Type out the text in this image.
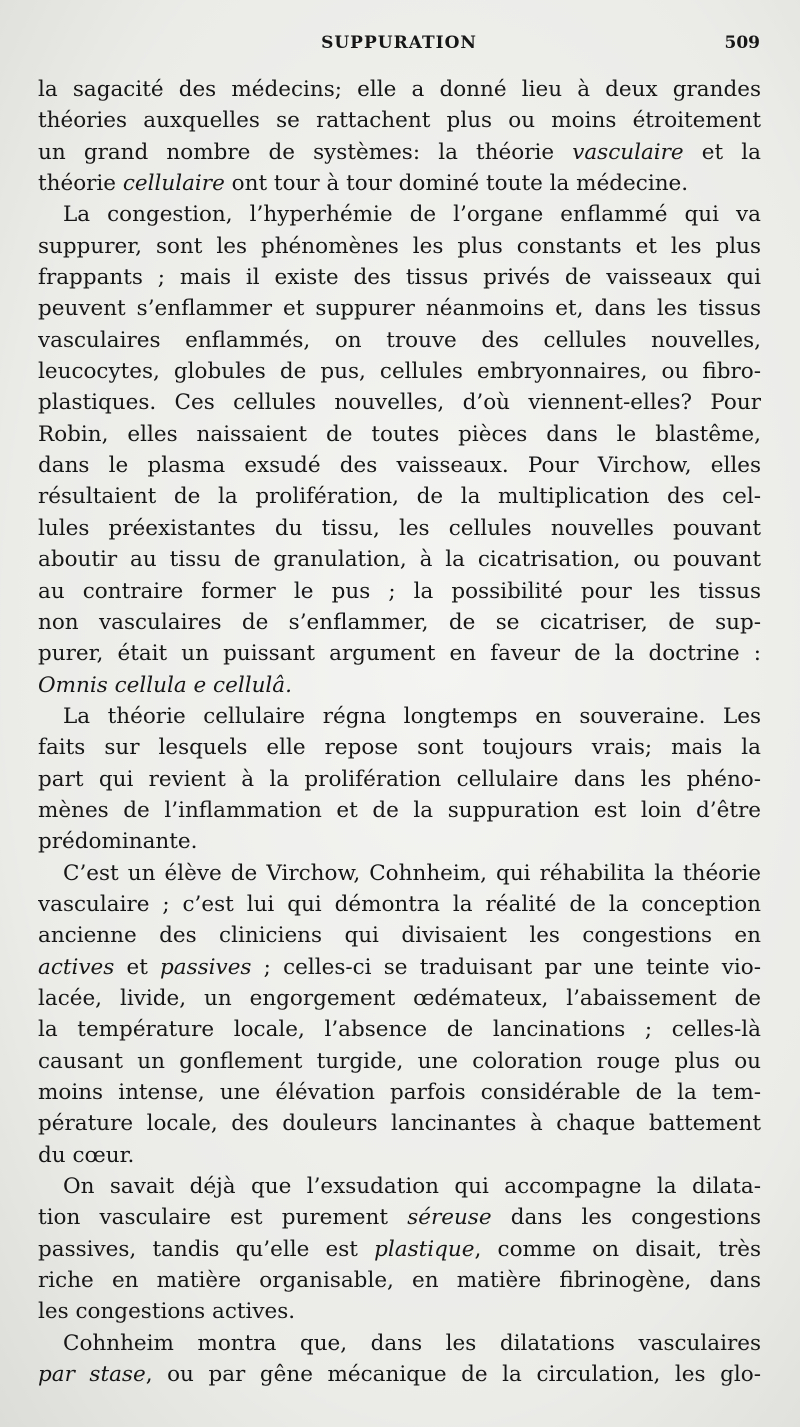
SUPPURATION	509
la sagacité des médecins; elle a donné lieu à deux grandes
théories auxquelles se rattachent plus ou moins étroitement
un grand nombre de systèmes: la théorie vasculaire et la
théorie cellulaire ont tour à tour dominé toute la médecine.
La congestion, l’hyperhémie de l’organe enflammé qui va
suppurer, sont les phénomènes les plus constants et les plus
frappants ; mais il existe des tissus privés de vaisseaux qui
peuvent s’enflammer et suppurer néanmoins et, dans les tissus
vasculaires enflammés, on trouve des cellules nouvelles,
leucocytes, globules de pus, cellules embryonnaires, ou fibro-
plastiques. Ces cellules nouvelles, d’où viennent-elles? Pour
Robin, elles naissaient de toutes pièces dans le blastême,
dans le plasma exsudé des vaisseaux. Pour Virchow, elles
résultaient de la prolifération, de la multiplication des cel-
lules préexistantes du tissu, les cellules nouvelles pouvant
aboutir au tissu de granulation, à la cicatrisation, ou pouvant
au contraire former le pus ; la possibilité pour les tissus
non vasculaires de s’enflammer, de se cicatriser, de sup-
purer, était un puissant argument en faveur de la doctrine :
Omnis cellula e cellulâ.
La théorie cellulaire régna longtemps en souveraine. Les
faits sur lesquels elle repose sont toujours vrais; mais la
part qui revient à la prolifération cellulaire dans les phéno-
mènes de l’inflammation et de la suppuration est loin d’être
prédominante.
C’est un élève de Virchow, Cohnheim, qui réhabilita la théorie
vasculaire ; c’est lui qui démontra la réalité de la conception
ancienne des cliniciens qui divisaient les congestions en
actives et passives ; celles-ci se traduisant par une teinte vio-
lacée, livide, un engorgement œdémateux, l’abaissement de
la température locale, l’absence de lancinations ; celles-là
causant un gonflement turgide, une coloration rouge plus ou
moins intense, une élévation parfois considérable de la tem-
pérature locale, des douleurs lancinantes à chaque battement
du cœur.
On savait déjà que l’exsudation qui accompagne la dilata-
tion vasculaire est purement séreuse dans les congestions
passives, tandis qu’elle est plastique, comme on disait, très
riche en matière organisable, en matière fibrinogène, dans
les congestions actives.
Cohnheim montra que, dans les dilatations vasculaires
par stase, ou par gêne mécanique de la circulation, les glo-
